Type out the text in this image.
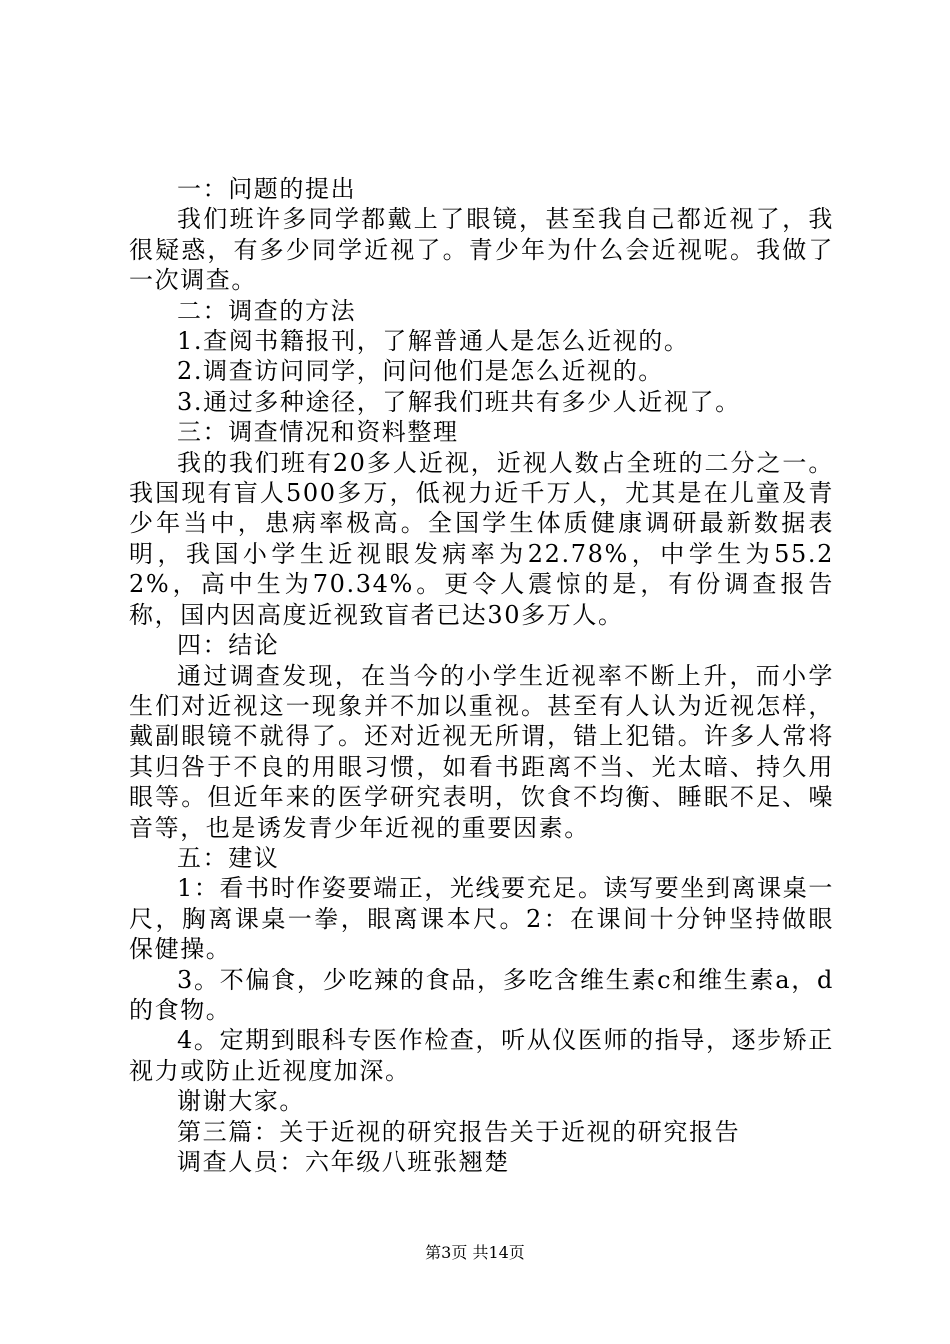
一：问题的提出

我们班许多同学都戴上了眼镜，甚至我自己都近视了，我很疑惑，有多少同学近视了。青少年为什么会近视呢。我做了一次调查。

二：调查的方法

1.查阅书籍报刊，了解普通人是怎么近视的。

2.调查访问同学，问问他们是怎么近视的。

3.通过多种途径，了解我们班共有多少人近视了。

三：调查情况和资料整理

我的我们班有20多人近视，近视人数占全班的二分之一。我国现有盲人500多万，低视力近千万人，尤其是在儿童及青少年当中，患病率极高。全国学生体质健康调研最新数据表明，我国小学生近视眼发病率为22.78%，中学生为55.22%，高中生为70.34%。更令人震惊的是，有份调查报告称，国内因高度近视致盲者已达30多万人。

四：结论

通过调查发现，在当今的小学生近视率不断上升，而小学生们对近视这一现象并不加以重视。甚至有人认为近视怎样，戴副眼镜不就得了。还对近视无所谓，错上犯错。许多人常将其归咎于不良的用眼习惯，如看书距离不当、光太暗、持久用眼等。但近年来的医学研究表明，饮食不均衡、睡眠不足、噪音等，也是诱发青少年近视的重要因素。

五：建议

1：看书时作姿要端正，光线要充足。读写要坐到离课桌一尺，胸离课桌一拳，眼离课本尺。2：在课间十分钟坚持做眼保健操。

3。不偏食，少吃辣的食品，多吃含维生素c和维生素a，d的食物。

4。定期到眼科专医作检查，听从仪医师的指导，逐步矫正视力或防止近视度加深。

谢谢大家。

第三篇：关于近视的研究报告关于近视的研究报告

调查人员：六年级八班张翘楚

第3页 共14页
